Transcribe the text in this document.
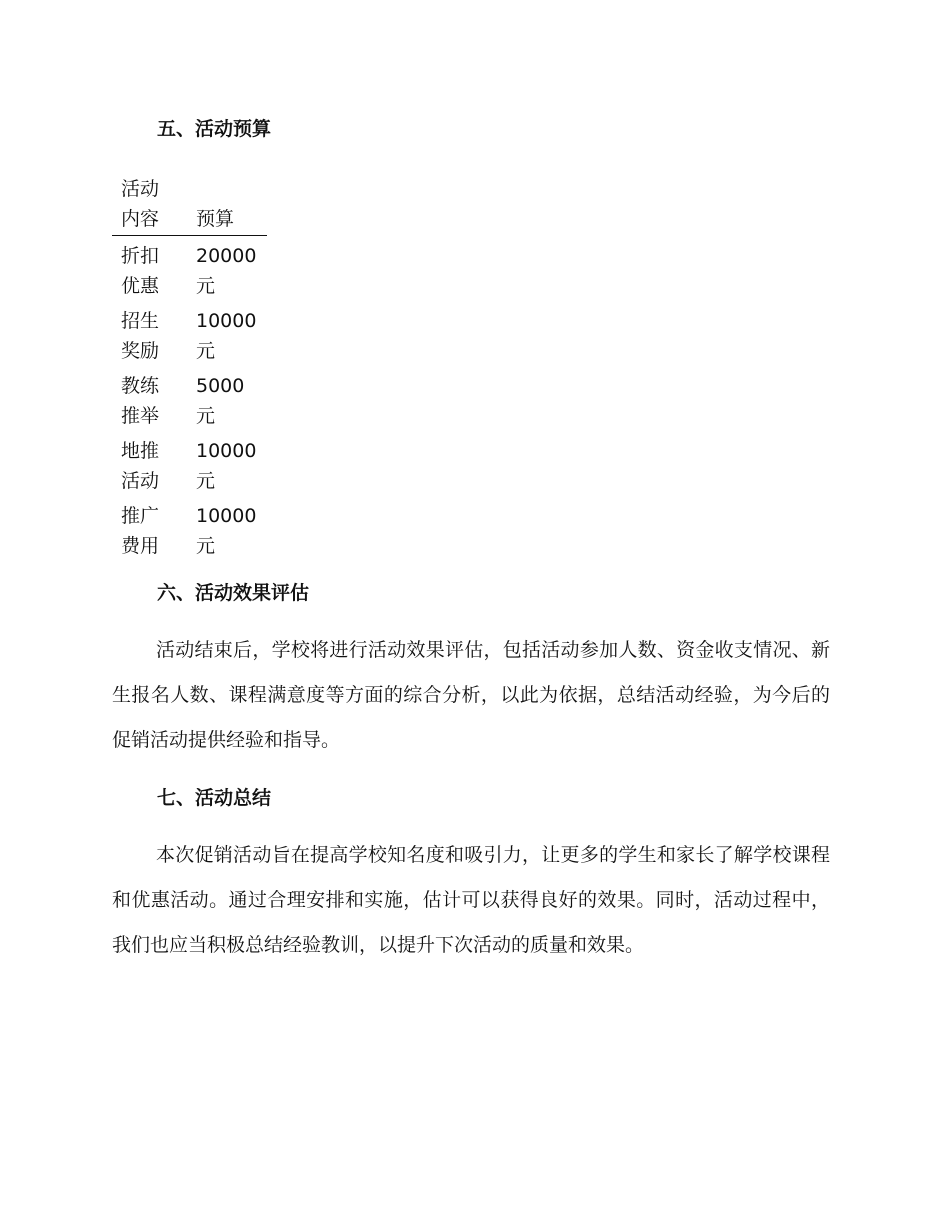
五、活动预算
活动
内容	预算

折扣
优惠	20000
元

招生
奖励	10000
元

教练
推举	5000
元

地推
活动	10000
元

推广
费用	10000
元
六、活动效果评估

活动结束后，学校将进行活动效果评估，包括活动参加人数、资金收支情况、新生报名人数、课程满意度等方面的综合分析，以此为依据，总结活动经验，为今后的促销活动提供经验和指导。

七、活动总结

本次促销活动旨在提高学校知名度和吸引力，让更多的学生和家长了解学校课程和优惠活动。通过合理安排和实施，估计可以获得良好的效果。同时，活动过程中，我们也应当积极总结经验教训，以提升下次活动的质量和效果。
